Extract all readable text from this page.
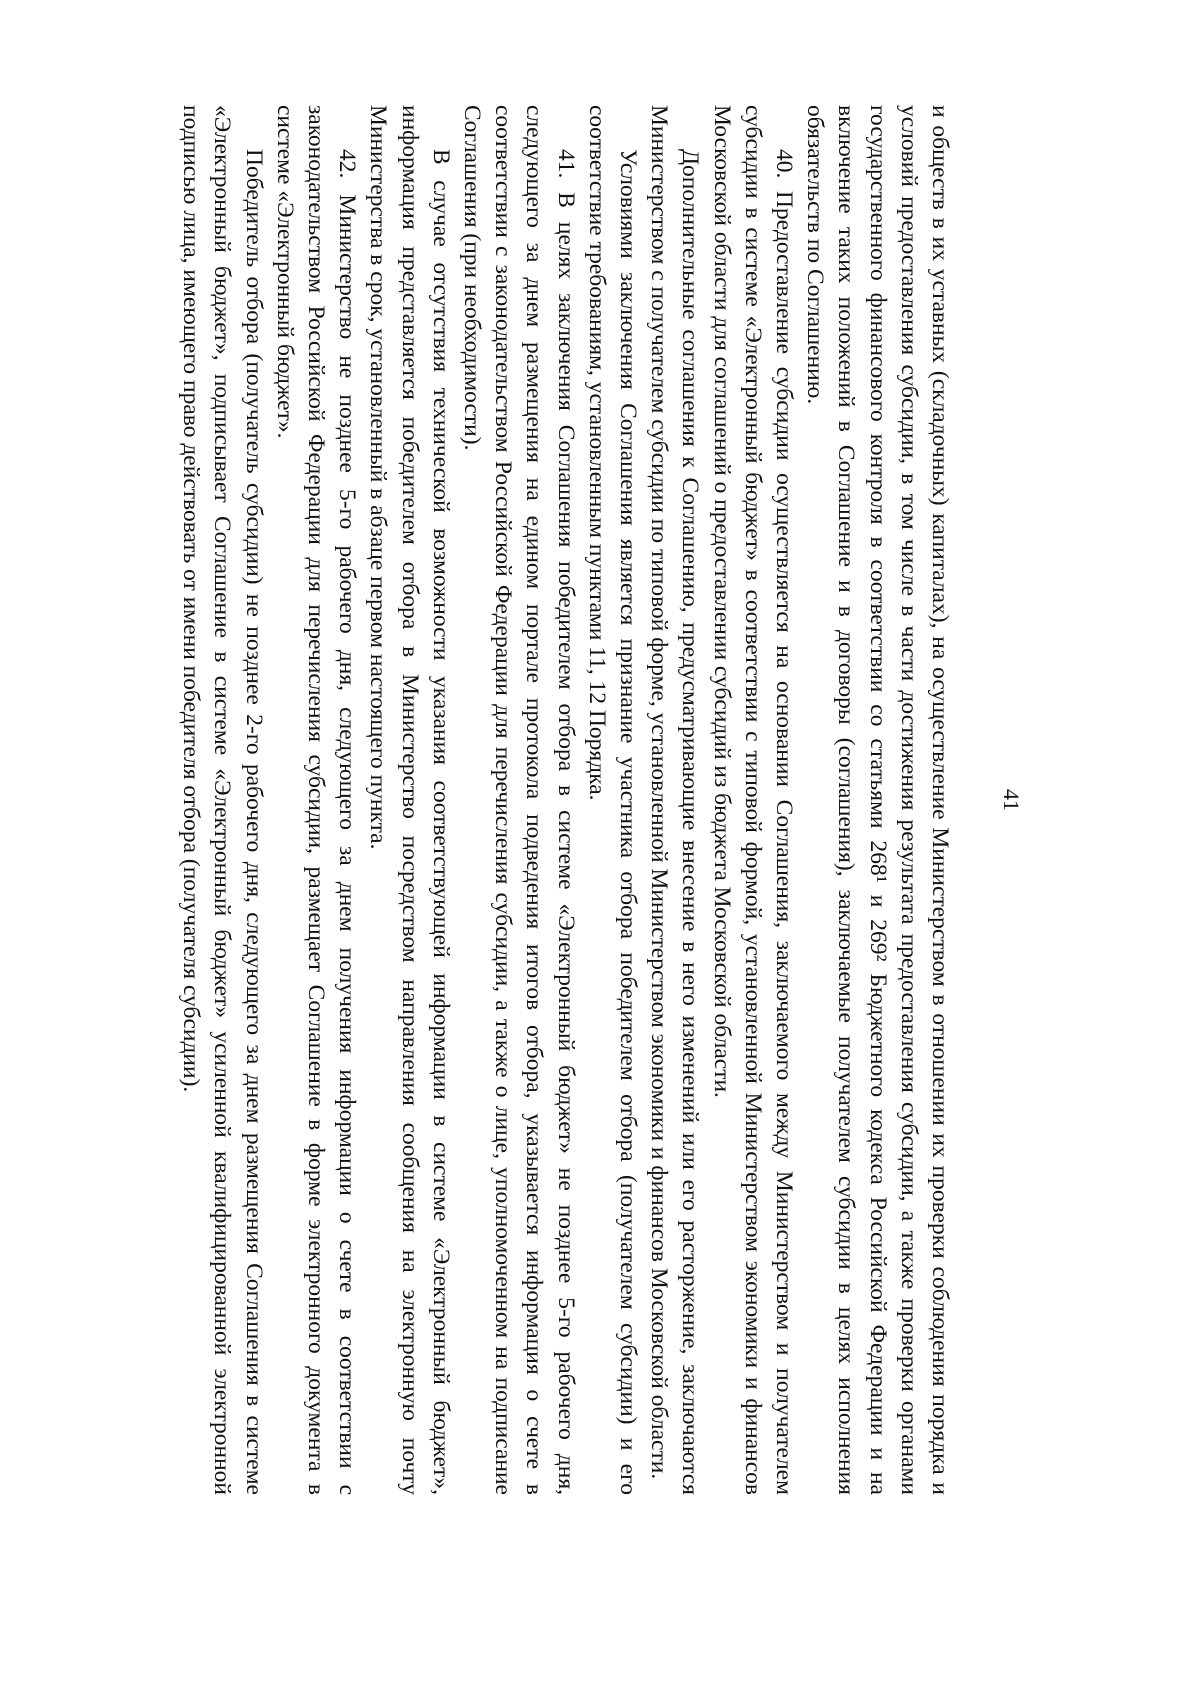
41

и обществ в их уставных (складочных) капиталах), на осуществление Министерством в отношении их проверки соблюдения порядка и условий предоставления субсидии, в том числе в части достижения результата предоставления субсидии, а также проверки органами государственного финансового контроля в соответствии со статьями 268¹ и 269² Бюджетного кодекса Российской Федерации и на включение таких положений в Соглашение и в договоры (соглашения), заключаемые получателем субсидии в целях исполнения обязательств по Соглашению.

40. Предоставление субсидии осуществляется на основании Соглашения, заключаемого между Министерством и получателем субсидии в системе «Электронный бюджет» в соответствии с типовой формой, установленной Министерством экономики и финансов Московской области для соглашений о предоставлении субсидий из бюджета Московской области.

Дополнительные соглашения к Соглашению, предусматривающие внесение в него изменений или его расторжение, заключаются Министерством с получателем субсидии по типовой форме, установленной Министерством экономики и финансов Московской области.

Условиями заключения Соглашения является признание участника отбора победителем отбора (получателем субсидии) и его соответствие требованиям, установленным пунктами 11, 12 Порядка.

41. В целях заключения Соглашения победителем отбора в системе «Электронный бюджет» не позднее 5-го рабочего дня, следующего за днем размещения на едином портале протокола подведения итогов отбора, указывается информация о счете в соответствии с законодательством Российской Федерации для перечисления субсидии, а также о лице, уполномоченном на подписание Соглашения (при необходимости).

В случае отсутствия технической возможности указания соответствующей информации в системе «Электронный бюджет», информация представляется победителем отбора в Министерство посредством направления сообщения на электронную почту Министерства в срок, установленный в абзаце первом настоящего пункта.

42. Министерство не позднее 5-го рабочего дня, следующего за днем получения информации о счете в соответствии с законодательством Российской Федерации для перечисления субсидии, размещает Соглашение в форме электронного документа в системе «Электронный бюджет».

Победитель отбора (получатель субсидии) не позднее 2-го рабочего дня, следующего за днем размещения Соглашения в системе «Электронный бюджет», подписывает Соглашение в системе «Электронный бюджет» усиленной квалифицированной электронной подписью лица, имеющего право действовать от имени победителя отбора (получателя субсидии).
